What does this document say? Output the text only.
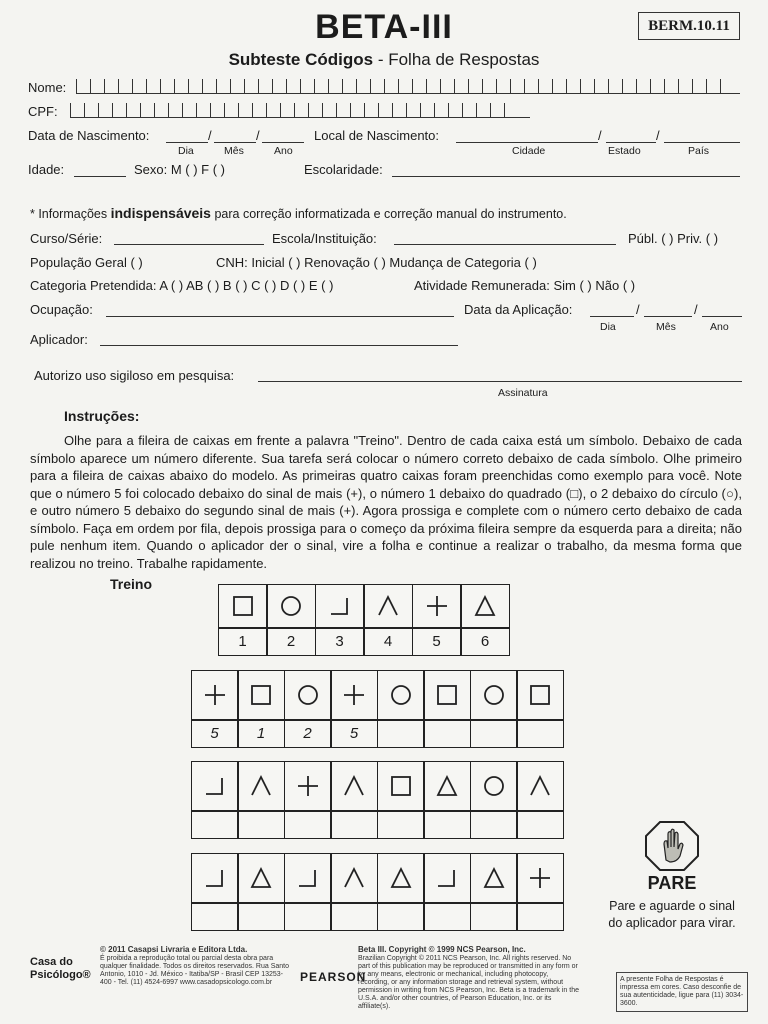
BETA-III
Subteste Códigos - Folha de Respostas
BERM.10.11
Nome:
CPF:
Data de Nascimento:	/	/
Dia	Mês	Ano
Local de Nascimento:	/	/
Cidade	Estado	País
Idade:	Sexo: M ( ) F ( )	Escolaridade:
* Informações indispensáveis para correção informatizada e correção manual do instrumento.
Curso/Série:	Escola/Instituição:	Públ. ( ) Priv. ( )
População Geral ( )	CNH: Inicial ( ) Renovação ( ) Mudança de Categoria ( )
Categoria Pretendida: A ( ) AB ( ) B ( ) C ( ) D ( ) E ( )	Atividade Remunerada: Sim ( ) Não ( )
Ocupação:	Data da Aplicação:	/	/
Dia	Mês	Ano
Aplicador:
Autorizo uso sigiloso em pesquisa:
Assinatura
Instruções:
Olhe para a fileira de caixas em frente a palavra "Treino". Dentro de cada caixa está um símbolo. Debaixo de cada símbolo aparece um número diferente. Sua tarefa será colocar o número correto debaixo de cada símbolo. Olhe primeiro para a fileira de caixas abaixo do modelo. As primeiras quatro caixas foram preenchidas como exemplo para você. Note que o número 5 foi colocado debaixo do sinal de mais (+), o número 1 debaixo do quadrado (□), o 2 debaixo do círculo (○), e outro número 5 debaixo do segundo sinal de mais (+). Agora prossiga e complete com o número certo debaixo de cada símbolo. Faça em ordem por fila, depois prossiga para o começo da próxima fileira sempre da esquerda para a direita; não pule nenhum item. Quando o aplicador der o sinal, vire a folha e continue a realizar o trabalho, da mesma forma que realizou no treino. Trabalhe rapidamente.
Treino
1	2	3	4	5	6
5	1	2	5
PARE
Pare e aguarde o sinal
do aplicador para virar.
Casa do
Psicólogo®
© 2011 Casapsi Livraria e Editora Ltda.
É proibida a reprodução total ou parcial desta obra para qualquer finalidade. Todos os direitos reservados. Rua Santo Antonio, 1010 - Jd. México - Itatiba/SP - Brasil CEP 13253-400 - Tel. (11) 4524-6997 www.casadopsicologo.com.br	PEARSON
Beta III. Copyright © 1999 NCS Pearson, Inc.
Brazilian Copyright © 2011 NCS Pearson, Inc. All rights reserved. No part of this publication may be reproduced or transmitted in any form or by any means, electronic or mechanical, including photocopy, recording, or any information storage and retrieval system, without permission in writing from NCS Pearson, Inc. Beta is a trademark in the U.S.A. and/or other countries, of Pearson Education, Inc. or its affiliate(s).
A presente Folha de Respostas é impressa em cores. Caso desconfie de sua autenticidade, ligue para (11) 3034-3600.
